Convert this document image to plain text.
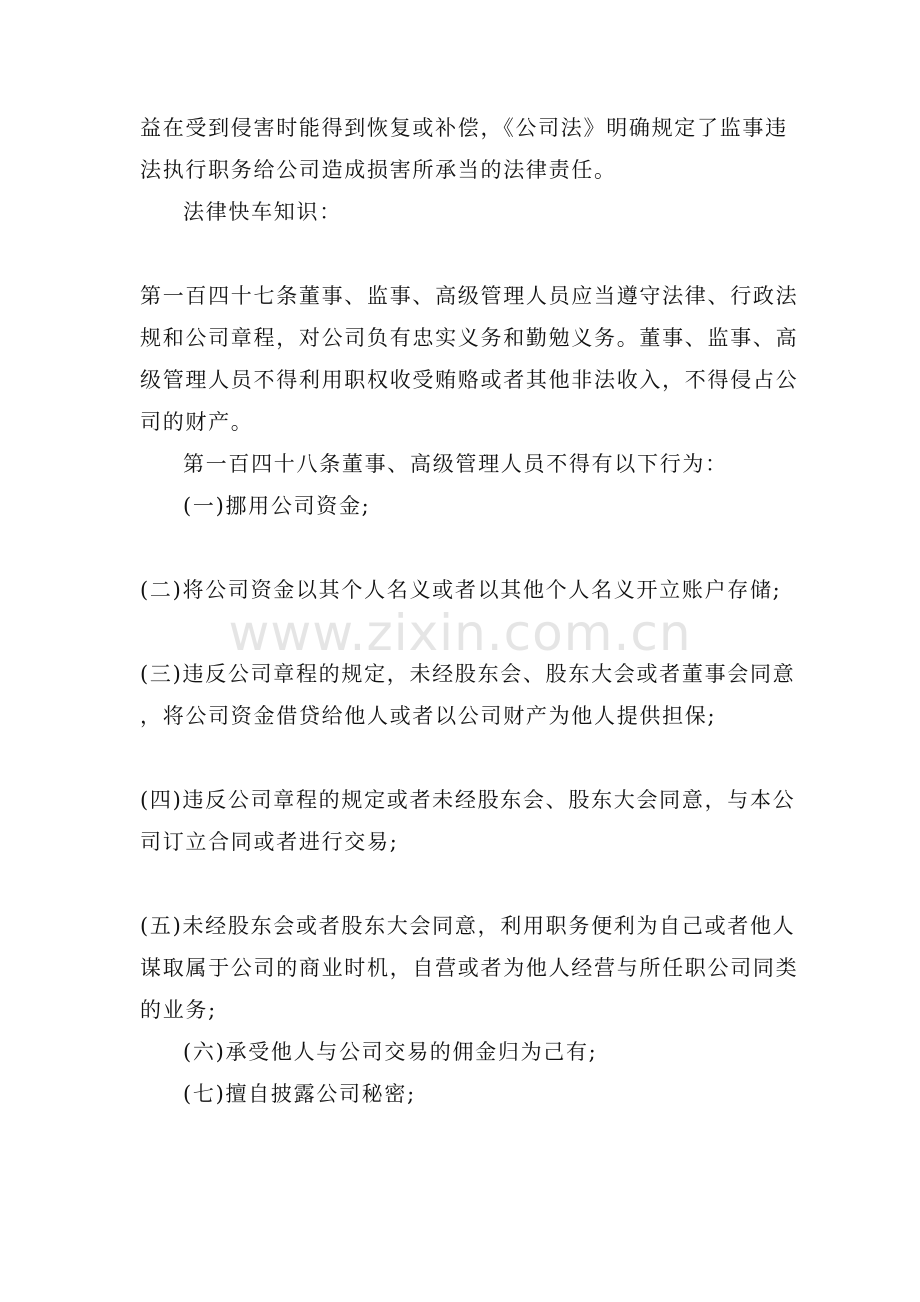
益在受到侵害时能得到恢复或补偿，《公司法》明确规定了监事违
法执行职务给公司造成损害所承当的法律责任。
法律快车知识：
第一百四十七条董事、监事、高级管理人员应当遵守法律、行政法
规和公司章程，对公司负有忠实义务和勤勉义务。董事、监事、高
级管理人员不得利用职权收受贿赂或者其他非法收入，不得侵占公
司的财产。
第一百四十八条董事、高级管理人员不得有以下行为：
(一)挪用公司资金;
(二)将公司资金以其个人名义或者以其他个人名义开立账户存储;
(三)违反公司章程的规定，未经股东会、股东大会或者董事会同意
，将公司资金借贷给他人或者以公司财产为他人提供担保;
(四)违反公司章程的规定或者未经股东会、股东大会同意，与本公
司订立合同或者进行交易;
(五)未经股东会或者股东大会同意，利用职务便利为自己或者他人
谋取属于公司的商业时机，自营或者为他人经营与所任职公司同类
的业务;
(六)承受他人与公司交易的佣金归为己有;
(七)擅自披露公司秘密;
www.zixin.com.cn
